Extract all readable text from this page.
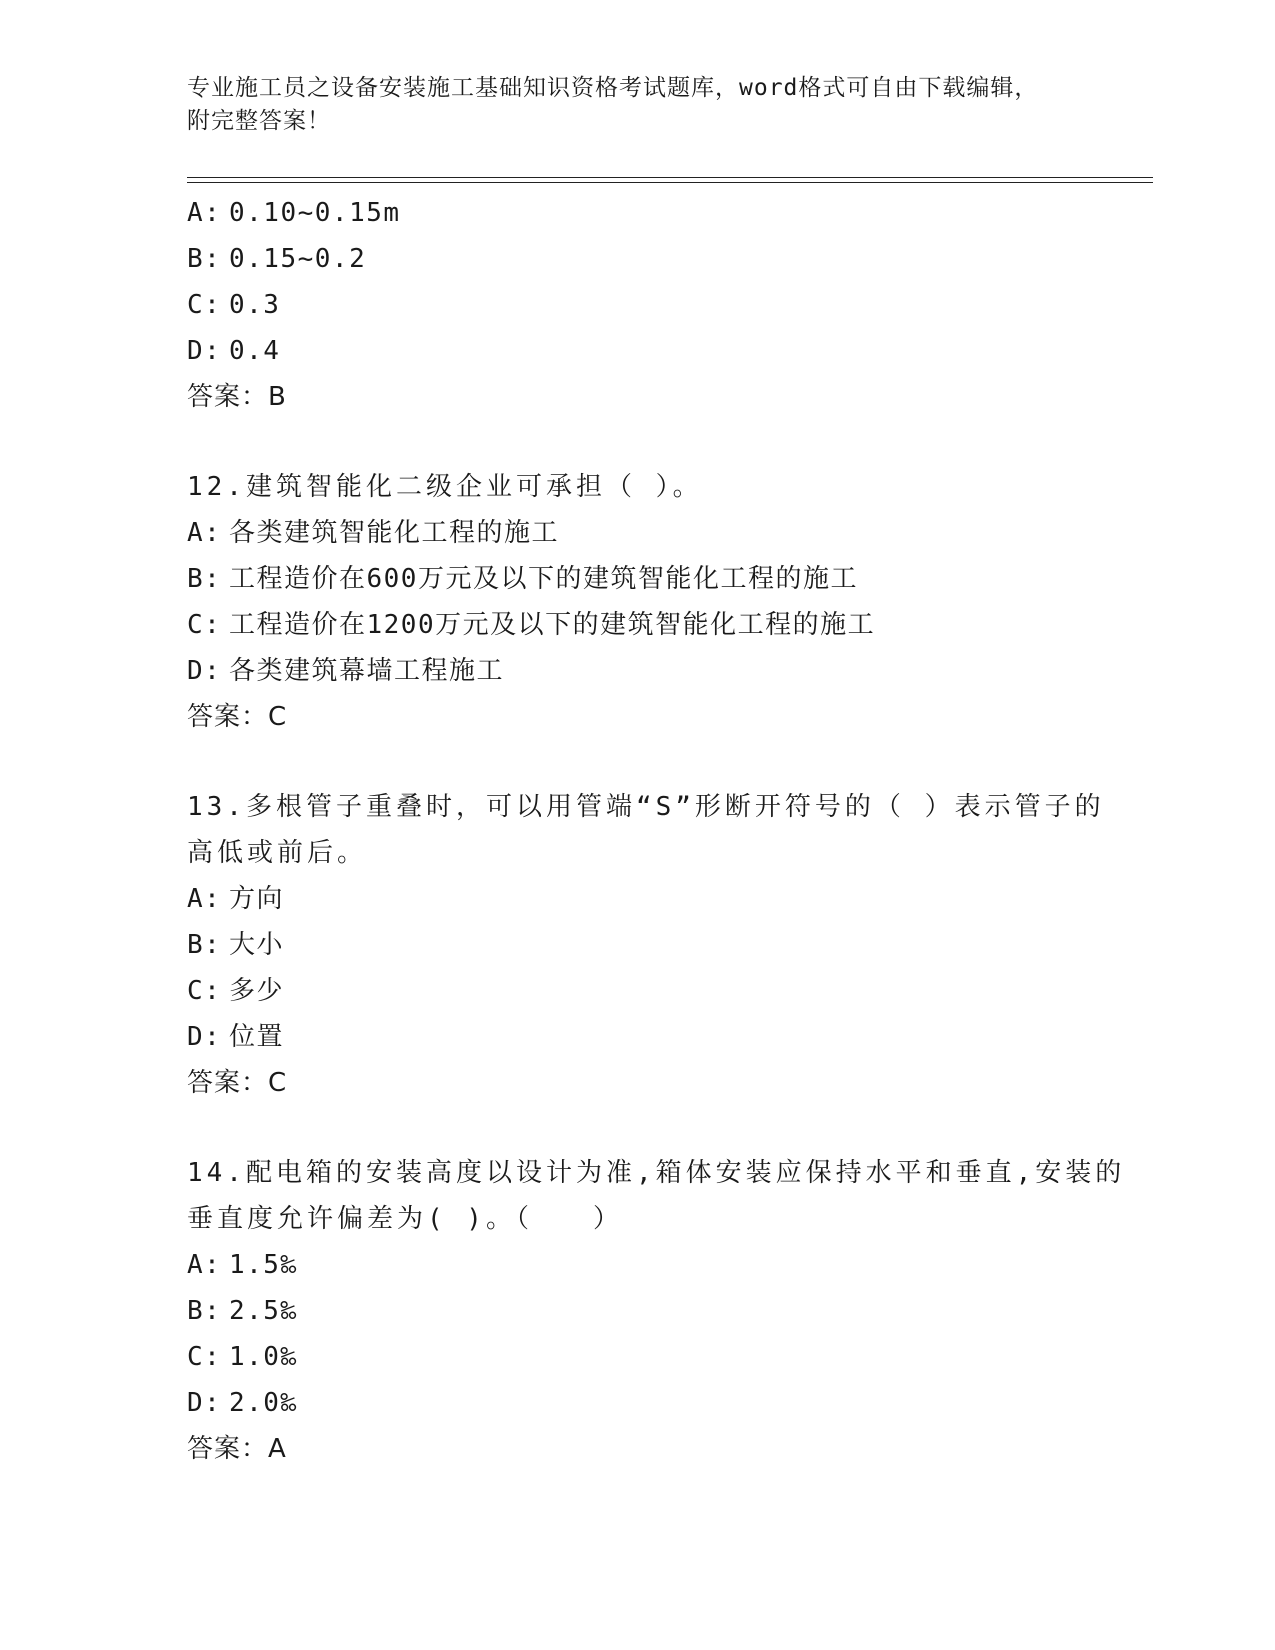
专业施工员之设备安装施工基础知识资格考试题库，word格式可自由下载编辑，
附完整答案！
A: 0.10~0.15m
B: 0.15~0.2
C: 0.3
D: 0.4
答案：B
12.建筑智能化二级企业可承担（ ）。
A: 各类建筑智能化工程的施工
B: 工程造价在600万元及以下的建筑智能化工程的施工
C: 工程造价在1200万元及以下的建筑智能化工程的施工
D: 各类建筑幕墙工程施工
答案：C
13.多根管子重叠时，可以用管端“S”形断开符号的（ ）表示管子的
高低或前后。
A: 方向
B: 大小
C: 多少
D: 位置
答案：C
14.配电箱的安装高度以设计为准,箱体安装应保持水平和垂直,安装的
垂直度允许偏差为( )。（　　）
A: 1.5‰
B: 2.5‰
C: 1.0‰
D: 2.0‰
答案：A
